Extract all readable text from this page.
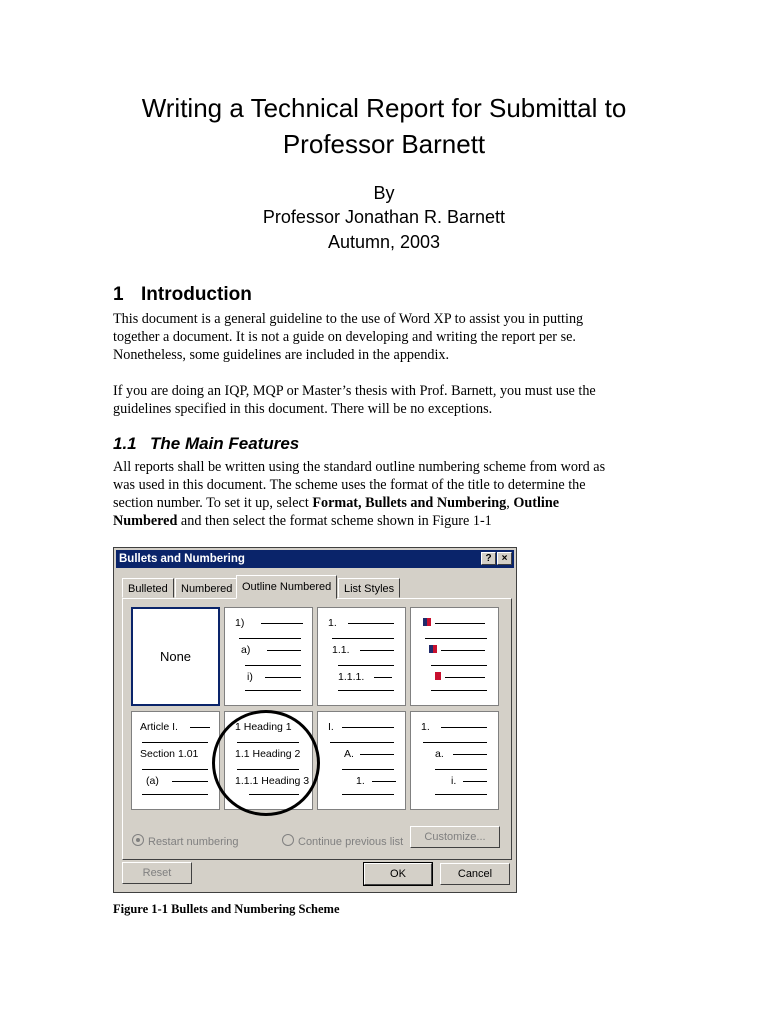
Writing a Technical Report for Submittal to
Professor Barnett
By
Professor Jonathan R. Barnett
Autumn, 2003
1 Introduction
This document is a general guideline to the use of Word XP to assist you in putting
together a document. It is not a guide on developing and writing the report per se.
Nonetheless, some guidelines are included in the appendix.
If you are doing an IQP, MQP or Master’s thesis with Prof. Barnett, you must use the
guidelines specified in this document. There will be no exceptions.
1.1 The Main Features
All reports shall be written using the standard outline numbering scheme from word as
was used in this document. The scheme uses the format of the title to determine the
section number. To set it up, select Format, Bullets and Numbering, Outline
Numbered and then select the format scheme shown in Figure 1-1
Bullets and Numbering	?	×
Bulleted	Numbered Outline Numbered	List Styles
None
1)
a)
i)
1.
1.1.
1.1.1.
Article I.
Section 1.01
(a)
1 Heading 1
1.1 Heading 2
1.1.1 Heading 3
I.
A.
1.
1.
a.
i.
Restart numbering	Continue previous list	Customize...
Reset	OK	Cancel
Figure 1-1 Bullets and Numbering Scheme
